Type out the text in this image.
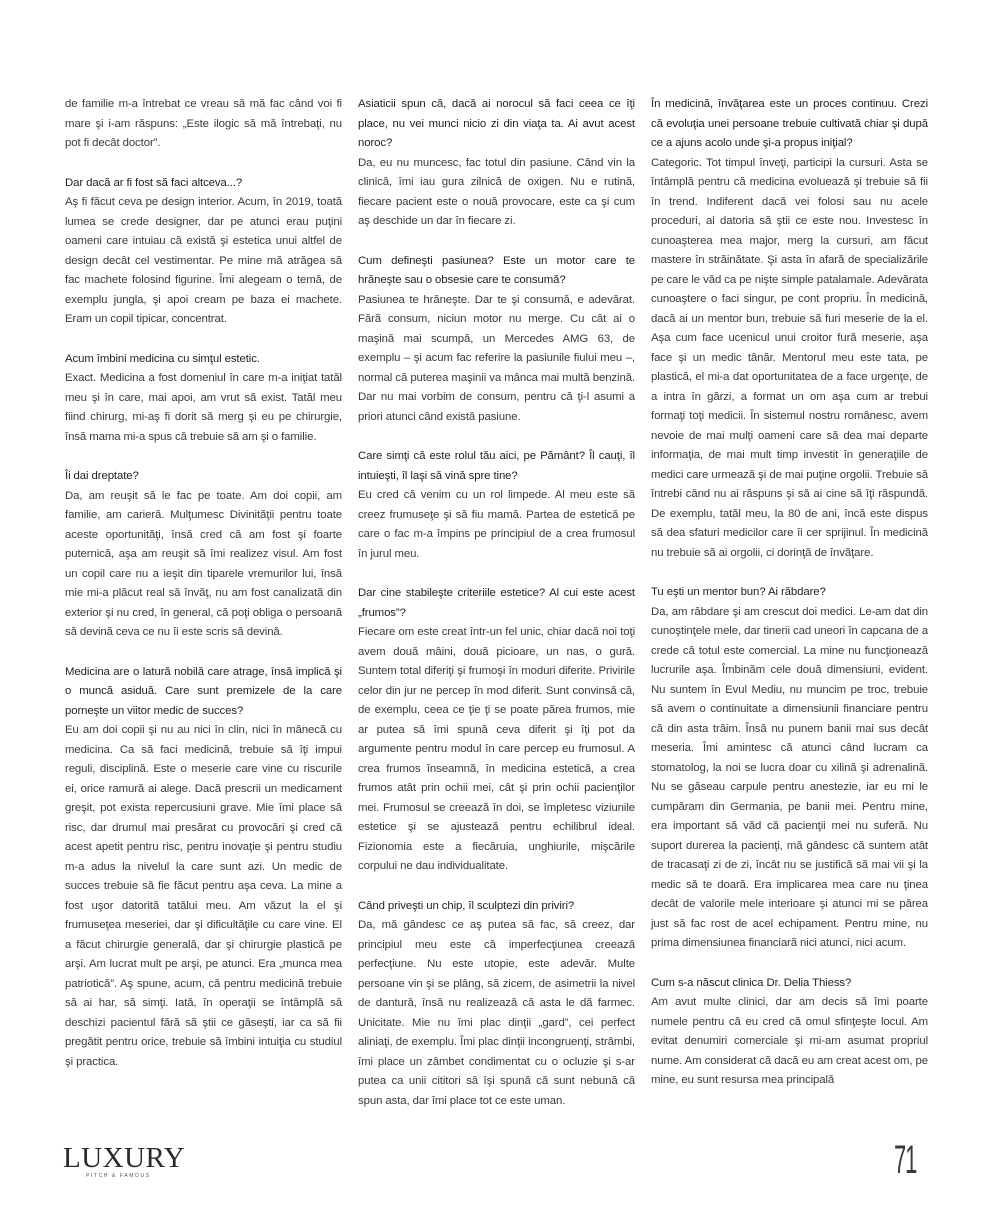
de familie m-a întrebat ce vreau să mă fac când voi fi mare şi i-am răspuns: „Este ilogic să mă întrebaţi, nu pot fi decât doctor”.

Dar dacă ar fi fost să faci altceva...?

Aş fi făcut ceva pe design interior. Acum, în 2019, toată lumea se crede designer, dar pe atunci erau puţini oameni care intuiau că există şi estetica unui altfel de design decât cel vestimentar. Pe mine mă atrăgea să fac machete folosind figurine. Îmi alegeam o temă, de exemplu jungla, şi apoi cream pe baza ei machete. Eram un copil tipicar, concentrat.

Acum îmbini medicina cu simţul estetic.

Exact. Medicina a fost domeniul în care m-a iniţiat tatăl meu şi în care, mai apoi, am vrut să exist. Tatăl meu fiind chirurg, mi-aş fi dorit să merg şi eu pe chirurgie, însă mama mi-a spus că trebuie să am şi o familie.

Îi dai dreptate?

Da, am reuşit să le fac pe toate. Am doi copii, am familie, am carieră. Mulţumesc Divinităţii pentru toate aceste oportunităţi, însă cred că am fost şi foarte puternică, aşa am reuşit să îmi realizez visul. Am fost un copil care nu a ieşit din tiparele vremurilor lui, însă mie mi-a plăcut real să învăţ, nu am fost canalizată din exterior şi nu cred, în general, că poţi obliga o persoană să devină ceva ce nu îi este scris să devină.

Medicina are o latură nobilă care atrage, însă implică şi o muncă asiduă. Care sunt premizele de la care porneşte un viitor medic de succes?

Eu am doi copii şi nu au nici în clin, nici în mânecă cu medicina. Ca să faci medicină, trebuie să îţi impui reguli, disciplină. Este o meserie care vine cu riscurile ei, orice ramură ai alege. Dacă prescrii un medicament greşit, pot exista repercusiuni grave. Mie îmi place să risc, dar drumul mai presărat cu provocări şi cred că acest apetit pentru risc, pentru inovaţie şi pentru studiu m-a adus la nivelul la care sunt azi. Un medic de succes trebuie să fie făcut pentru aşa ceva. La mine a fost uşor datorită tatălui meu. Am văzut la el şi frumuseţea meseriei, dar şi dificultăţile cu care vine. El a făcut chirurgie generală, dar şi chirurgie plastică pe arşi. Am lucrat mult pe arşi, pe atunci. Era „munca mea patriotică”. Aş spune, acum, că pentru medicină trebuie să ai har, să simţi. Iată, în operaţii se întâmplă să deschizi pacientul fără să ştii ce găseşti, iar ca să fii pregătit pentru orice, trebuie să îmbini intuiţia cu studiul şi practica.

Asiaticii spun că, dacă ai norocul să faci ceea ce îţi place, nu vei munci nicio zi din viaţa ta. Ai avut acest noroc?

Da, eu nu muncesc, fac totul din pasiune. Când vin la clinică, îmi iau gura zilnică de oxigen. Nu e rutină, fiecare pacient este o nouă provocare, este ca şi cum aş deschide un dar în fiecare zi.

Cum defineşti pasiunea? Este un motor care te hrăneşte sau o obsesie care te consumă?

Pasiunea te hrăneşte. Dar te şi consumă, e adevărat. Fără consum, niciun motor nu merge. Cu cât ai o maşină mai scumpă, un Mercedes AMG 63, de exemplu – şi acum fac referire la pasiunile fiului meu –, normal că puterea maşinii va mânca mai multă benzină. Dar nu mai vorbim de consum, pentru că ţi-l asumi a priori atunci când există pasiune.

Care simţi că este rolul tău aici, pe Pământ? Îl cauţi, îl intuieşti, îl laşi să vină spre tine?

Eu cred că venim cu un rol limpede. Al meu este să creez frumuseţe şi să fiu mamă. Partea de estetică pe care o fac m-a împins pe principiul de a crea frumosul în jurul meu.

Dar cine stabileşte criteriile estetice? Al cui este acest „frumos”?

Fiecare om este creat într-un fel unic, chiar dacă noi toţi avem două mâini, două picioare, un nas, o gură. Suntem total diferiţi şi frumoşi în moduri diferite. Privirile celor din jur ne percep în mod diferit. Sunt convinsă că, de exemplu, ceea ce ţie ţi se poate părea frumos, mie ar putea să îmi spună ceva diferit şi îţi pot da argumente pentru modul în care percep eu frumosul. A crea frumos înseamnă, în medicina estetică, a crea frumos atât prin ochii mei, cât şi prin ochii pacienţilor mei. Frumosul se creează în doi, se împletesc viziunile estetice şi se ajustează pentru echilibrul ideal. Fizionomia este a fiecăruia, unghiurile, mişcările corpului ne dau individualitate.

Când priveşti un chip, îl sculptezi din priviri?

Da, mă gândesc ce aş putea să fac, să creez, dar principiul meu este că imperfecţiunea creează perfecţiune. Nu este utopie, este adevăr. Multe persoane vin şi se plâng, să zicem, de asimetrii la nivel de dantură, însă nu realizează că asta le dă farmec. Unicitate. Mie nu îmi plac dinţii „gard”, cei perfect aliniaţi, de exemplu. Îmi plac dinţii incongruenţi, strâmbi, îmi place un zâmbet condimentat cu o ocluzie şi s-ar putea ca unii cititori să îşi spună că sunt nebună că spun asta, dar îmi place tot ce este uman.

În medicină, învăţarea este un proces continuu. Crezi că evoluţia unei persoane trebuie cultivată chiar şi după ce a ajuns acolo unde şi-a propus iniţial?

Categoric. Tot timpul înveţi, participi la cursuri. Asta se întâmplă pentru că medicina evoluează şi trebuie să fii în trend. Indiferent dacă vei folosi sau nu acele proceduri, ai datoria să ştii ce este nou. Investesc în cunoaşterea mea major, merg la cursuri, am făcut mastere în străinătate. Şi asta în afară de specializările pe care le văd ca pe nişte simple patalamale. Adevărata cunoaştere o faci singur, pe cont propriu. În medicină, dacă ai un mentor bun, trebuie să furi meserie de la el. Aşa cum face ucenicul unui croitor fură meserie, aşa face şi un medic tânăr. Mentorul meu este tata, pe plastică, el mi-a dat oportunitatea de a face urgenţe, de a intra în gărzi, a format un om aşa cum ar trebui formaţi toţi medicii. În sistemul nostru românesc, avem nevoie de mai mulţi oameni care să dea mai departe informaţia, de mai mult timp investit în generaţiile de medici care urmează şi de mai puţine orgolii. Trebuie să întrebi când nu ai răspuns şi să ai cine să îţi răspundă. De exemplu, tatăl meu, la 80 de ani, încă este dispus să dea sfaturi medicilor care îi cer sprijinul. În medicină nu trebuie să ai orgolii, ci dorinţă de învăţare.

Tu eşti un mentor bun? Ai răbdare?

Da, am răbdare şi am crescut doi medici. Le-am dat din cunoştinţele mele, dar tinerii cad uneori în capcana de a crede că totul este comercial. La mine nu funcţionează lucrurile aşa. Îmbinăm cele două dimensiuni, evident. Nu suntem în Evul Mediu, nu muncim pe troc, trebuie să avem o continuitate a dimensiunii financiare pentru că din asta trăim. Însă nu punem banii mai sus decât meseria. Îmi amintesc că atunci când lucram ca stomatolog, la noi se lucra doar cu xilină şi adrenalină. Nu se găseau carpule pentru anestezie, iar eu mi le cumpăram din Germania, pe banii mei. Pentru mine, era important să văd că pacienţii mei nu suferă. Nu suport durerea la pacienţi, mă gândesc că suntem atât de tracasaţi zi de zi, încât nu se justifică să mai vii şi la medic să te doară. Era implicarea mea care nu ţinea decât de valorile mele interioare şi atunci mi se părea just să fac rost de acel echipament. Pentru mine, nu prima dimensiunea financiară nici atunci, nici acum.

Cum s-a născut clinica Dr. Delia Thiess?

Am avut multe clinici, dar am decis să îmi poarte numele pentru că eu cred că omul sfinţeşte locul. Am evitat denumiri comerciale şi mi-am asumat propriul nume. Am considerat că dacă eu am creat acest om, pe mine, eu sunt resursa mea principală

LUXURY
PITCH & FAMOUS	71
